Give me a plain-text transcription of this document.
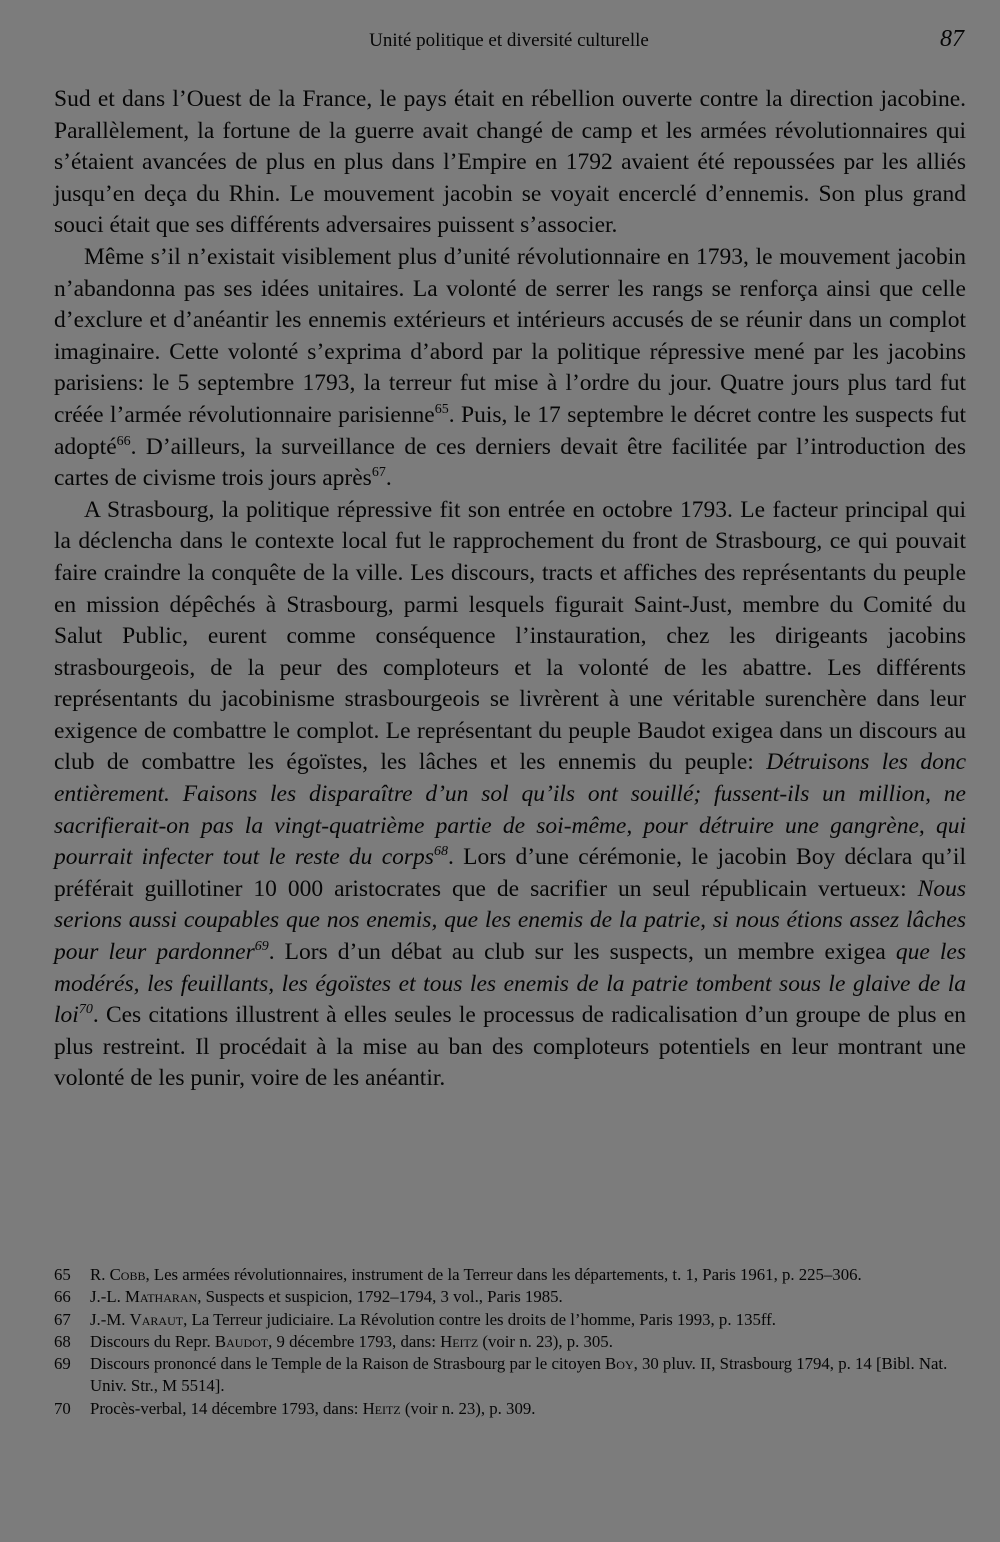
Unité politique et diversité culturelle	87

Sud et dans l’Ouest de la France, le pays était en rébellion ouverte contre la direction jacobine. Parallèlement, la fortune de la guerre avait changé de camp et les armées révolutionnaires qui s’étaient avancées de plus en plus dans l’Empire en 1792 avaient été repoussées par les alliés jusqu’en deça du Rhin. Le mouvement jacobin se voyait encerclé d’ennemis. Son plus grand souci était que ses différents adversaires puissent s’associer.

Même s’il n’existait visiblement plus d’unité révolutionnaire en 1793, le mouvement jacobin n’abandonna pas ses idées unitaires. La volonté de serrer les rangs se renforça ainsi que celle d’exclure et d’anéantir les ennemis extérieurs et intérieurs accusés de se réunir dans un complot imaginaire. Cette volonté s’exprima d’abord par la politique répressive mené par les jacobins parisiens: le 5 septembre 1793, la terreur fut mise à l’ordre du jour. Quatre jours plus tard fut créée l’armée révolutionnaire parisienne$^{65}$. Puis, le 17 septembre le décret contre les suspects fut adopté$^{66}$. D’ailleurs, la surveillance de ces derniers devait être facilitée par l’introduction des cartes de civisme trois jours après$^{67}$.

A Strasbourg, la politique répressive fit son entrée en octobre 1793. Le facteur principal qui la déclencha dans le contexte local fut le rapprochement du front de Strasbourg, ce qui pouvait faire craindre la conquête de la ville. Les discours, tracts et affiches des représentants du peuple en mission dépêchés à Strasbourg, parmi lesquels figurait Saint-Just, membre du Comité du Salut Public, eurent comme conséquence l’instauration, chez les dirigeants jacobins strasbourgeois, de la peur des comploteurs et la volonté de les abattre. Les différents représentants du jacobinisme strasbourgeois se livrèrent à une véritable surenchère dans leur exigence de combattre le complot. Le représentant du peuple Baudot exigea dans un discours au club de combattre les égoïstes, les lâches et les ennemis du peuple: Détruisons les donc entièrement. Faisons les disparaître d’un sol qu’ils ont souillé; fussent-ils un million, ne sacrifierait-on pas la vingt-quatrième partie de soi-même, pour détruire une gangrène, qui pourrait infecter tout le reste du corps$^{68}$. Lors d’une cérémonie, le jacobin Boy déclara qu’il préférait guillotiner 10 000 aristocrates que de sacrifier un seul républicain vertueux: Nous serions aussi coupables que nos enemis, que les enemis de la patrie, si nous étions assez lâches pour leur pardonner$^{69}$. Lors d’un débat au club sur les suspects, un membre exigea que les modérés, les feuillants, les égoïstes et tous les enemis de la patrie tombent sous le glaive de la loi$^{70}$. Ces citations illustrent à elles seules le processus de radicalisation d’un groupe de plus en plus restreint. Il procédait à la mise au ban des comploteurs potentiels en leur montrant une volonté de les punir, voire de les anéantir.

65 R. Cobb, Les armées révolutionnaires, instrument de la Terreur dans les départements, t. 1, Paris 1961, p. 225–306.

66 J.-L. Matharan, Suspects et suspicion, 1792–1794, 3 vol., Paris 1985.

67 J.-M. Varaut, La Terreur judiciaire. La Révolution contre les droits de l’homme, Paris 1993, p. 135ff.

68 Discours du Repr. Baudot, 9 décembre 1793, dans: Heitz (voir n. 23), p. 305.

69 Discours prononcé dans le Temple de la Raison de Strasbourg par le citoyen Boy, 30 pluv. II, Strasbourg 1794, p. 14 [Bibl. Nat. Univ. Str., M 5514].

70 Procès-verbal, 14 décembre 1793, dans: Heitz (voir n. 23), p. 309.
